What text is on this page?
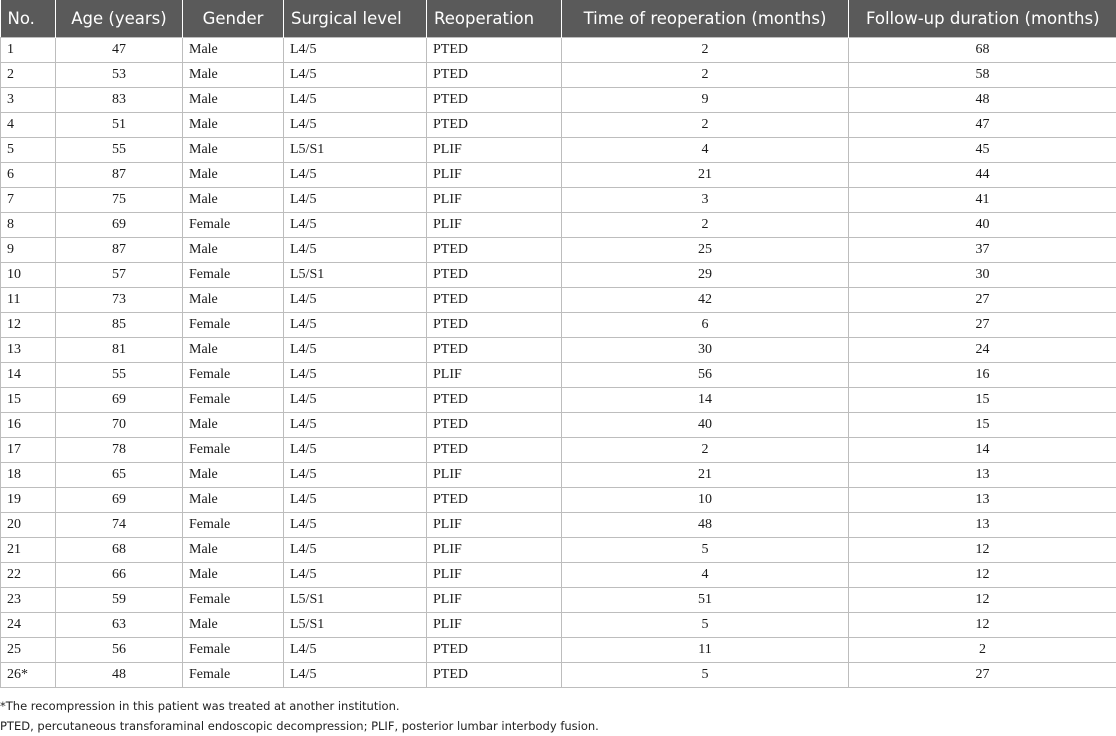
No.	Age (years)	Gender	Surgical level	Reoperation	Time of reoperation (months)	Follow-up duration (months)
1	47	Male	L4/5	PTED	2	68
2	53	Male	L4/5	PTED	2	58
3	83	Male	L4/5	PTED	9	48
4	51	Male	L4/5	PTED	2	47
5	55	Male	L5/S1	PLIF	4	45
6	87	Male	L4/5	PLIF	21	44
7	75	Male	L4/5	PLIF	3	41
8	69	Female	L4/5	PLIF	2	40
9	87	Male	L4/5	PTED	25	37
10	57	Female	L5/S1	PTED	29	30
11	73	Male	L4/5	PTED	42	27
12	85	Female	L4/5	PTED	6	27
13	81	Male	L4/5	PTED	30	24
14	55	Female	L4/5	PLIF	56	16
15	69	Female	L4/5	PTED	14	15
16	70	Male	L4/5	PTED	40	15
17	78	Female	L4/5	PTED	2	14
18	65	Male	L4/5	PLIF	21	13
19	69	Male	L4/5	PTED	10	13
20	74	Female	L4/5	PLIF	48	13
21	68	Male	L4/5	PLIF	5	12
22	66	Male	L4/5	PLIF	4	12
23	59	Female	L5/S1	PLIF	51	12
24	63	Male	L5/S1	PLIF	5	12
25	56	Female	L4/5	PTED	11	2
26*	48	Female	L4/5	PTED	5	27
*The recompression in this patient was treated at another institution.
PTED, percutaneous transforaminal endoscopic decompression; PLIF, posterior lumbar interbody fusion.
